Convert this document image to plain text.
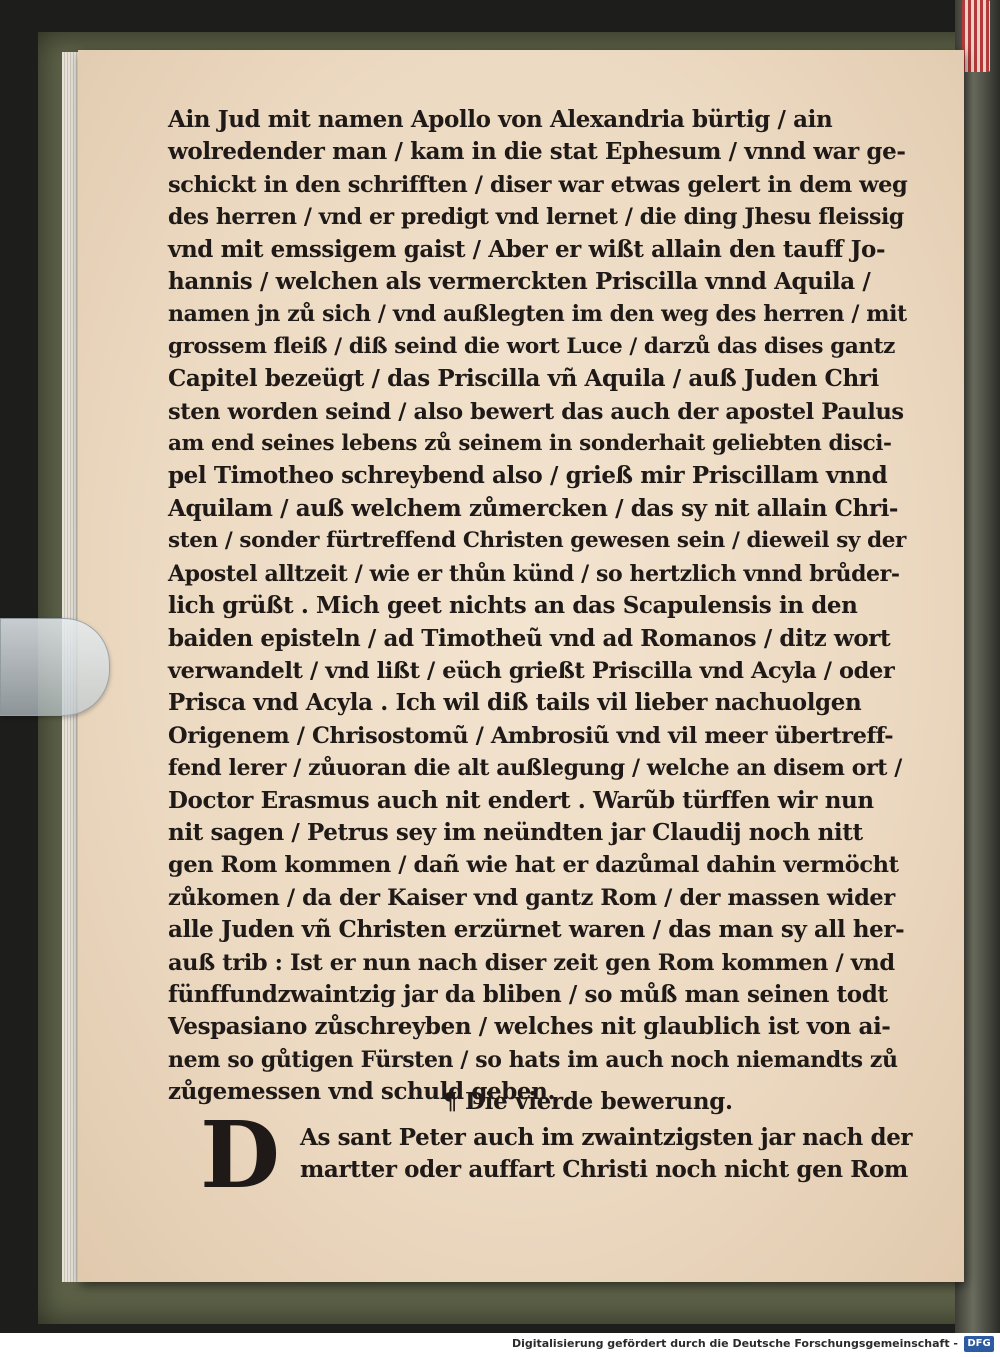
Ain Jud mit namen Apollo von Alexandria bürtig / ain
wolredender man / kam in die stat Ephesum / vnnd war ge-
schickt in den schrifften / diser war etwas gelert in dem weg
des herren / vnd er predigt vnd lernet / die ding Jhesu fleissig
vnd mit emssigem gaist / Aber er wißt allain den tauff Jo-
hannis / welchen als vermerckten Priscilla vnnd Aquila /
namen jn zů sich / vnd außlegten im den weg des herren / mit
grossem fleiß / diß seind die wort Luce / darzů das dises gantz
Capitel bezeügt / das Priscilla vñ Aquila / auß Juden Chri
sten worden seind / also bewert das auch der apostel Paulus
am end seines lebens zů seinem in sonderhait geliebten disci-
pel Timotheo schreybend also / grieß mir Priscillam vnnd
Aquilam / auß welchem zůmercken / das sy nit allain Chri-
sten / sonder fürtreffend Christen gewesen sein / dieweil sy der
Apostel alltzeit / wie er thůn künd / so hertzlich vnnd brůder-
lich grüßt . Mich geet nichts an das Scapulensis in den
baiden episteln / ad Timotheũ vnd ad Romanos / ditz wort
verwandelt / vnd lißt / eüch grießt Priscilla vnd Acyla / oder
Prisca vnd Acyla . Ich wil diß tails vil lieber nachuolgen
Origenem / Chrisostomũ / Ambrosiũ vnd vil meer übertreff-
fend lerer / zůuoran die alt außlegung / welche an disem ort /
Doctor Erasmus auch nit endert . Warũb türffen wir nun
nit sagen / Petrus sey im neündten jar Claudij noch nitt
gen Rom kommen / dañ wie hat er dazůmal dahin vermöcht
zůkomen / da der Kaiser vnd gantz Rom / der massen wider
alle Juden vñ Christen erzürnet waren / das man sy all her-
auß trib : Ist er nun nach diser zeit gen Rom kommen / vnd
fünffundzwaintzig jar da bliben / so můß man seinen todt
Vespasiano zůschreyben / welches nit glaublich ist von ai-
nem so gůtigen Fürsten / so hats im auch noch niemandts zů
zůgemessen vnd schuld geben.
¶ Die vierde bewerung.
D As sant Peter auch im zwaintzigsten jar nach der
martter oder auffart Christi noch nicht gen Rom
Digitalisierung gefördert durch die Deutsche Forschungsgemeinschaft - DFG
